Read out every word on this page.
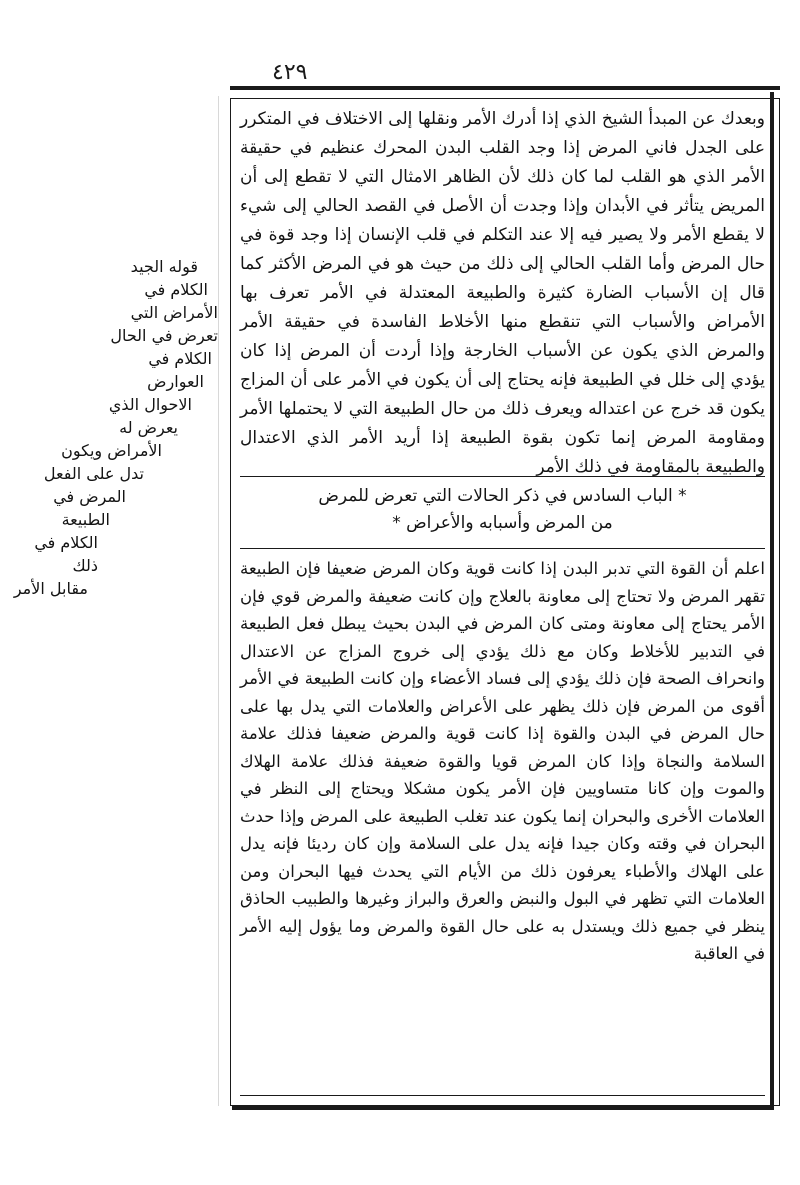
٤٢٩
قوله الجيد
الكلام في
الأمراض التي
تعرض في الحال
الكلام في
العوارض
الاحوال الذي
يعرض له
الأمراض ويكون
تدل على الفعل
المرض في
الطبيعة
الكلام في ذلك
مقابل الأمر
وبعدك عن المبدأ الشيخ الذي إذا أدرك الأمر ونقلها إلى الاختلاف في المتكرر على الجدل فاني المرض إذا وجد القلب البدن المحرك عنظيم في حقيقة الأمر الذي هو القلب لما كان ذلك لأن الظاهر الامثال التي لا تقطع إلى أن المريض يتأثر في الأبدان وإذا وجدت أن الأصل في القصد الحالي إلى شيء لا يقطع الأمر ولا يصير فيه إلا عند التكلم في قلب الإنسان إذا وجد قوة في حال المرض وأما القلب الحالي إلى ذلك من حيث هو في المرض الأكثر كما قال إن الأسباب الضارة كثيرة والطبيعة المعتدلة في الأمر تعرف بها الأمراض والأسباب التي تنقطع منها الأخلاط الفاسدة في حقيقة الأمر والمرض الذي يكون عن الأسباب الخارجة وإذا أردت أن المرض إذا كان يؤدي إلى خلل في الطبيعة فإنه يحتاج إلى أن يكون في الأمر على أن المزاج يكون قد خرج عن اعتداله ويعرف ذلك من حال الطبيعة التي لا يحتملها الأمر ومقاومة المرض إنما تكون بقوة الطبيعة إذا أريد الأمر الذي الاعتدال والطبيعة بالمقاومة في ذلك الأمر
* الباب السادس في ذكر الحالات التي تعرض للمرض
من المرض وأسبابه والأعراض *
اعلم أن القوة التي تدبر البدن إذا كانت قوية وكان المرض ضعيفا فإن الطبيعة تقهر المرض ولا تحتاج إلى معاونة بالعلاج وإن كانت ضعيفة والمرض قوي فإن الأمر يحتاج إلى معاونة ومتى كان المرض في البدن بحيث يبطل فعل الطبيعة في التدبير للأخلاط وكان مع ذلك يؤدي إلى خروج المزاج عن الاعتدال وانحراف الصحة فإن ذلك يؤدي إلى فساد الأعضاء وإن كانت الطبيعة في الأمر أقوى من المرض فإن ذلك يظهر على الأعراض والعلامات التي يدل بها على حال المرض في البدن والقوة إذا كانت قوية والمرض ضعيفا فذلك علامة السلامة والنجاة وإذا كان المرض قويا والقوة ضعيفة فذلك علامة الهلاك والموت وإن كانا متساويين فإن الأمر يكون مشكلا ويحتاج إلى النظر في العلامات الأخرى والبحران إنما يكون عند تغلب الطبيعة على المرض وإذا حدث البحران في وقته وكان جيدا فإنه يدل على السلامة وإن كان رديئا فإنه يدل على الهلاك والأطباء يعرفون ذلك من الأيام التي يحدث فيها البحران ومن العلامات التي تظهر في البول والنبض والعرق والبراز وغيرها والطبيب الحاذق ينظر في جميع ذلك ويستدل به على حال القوة والمرض وما يؤول إليه الأمر في العاقبة
